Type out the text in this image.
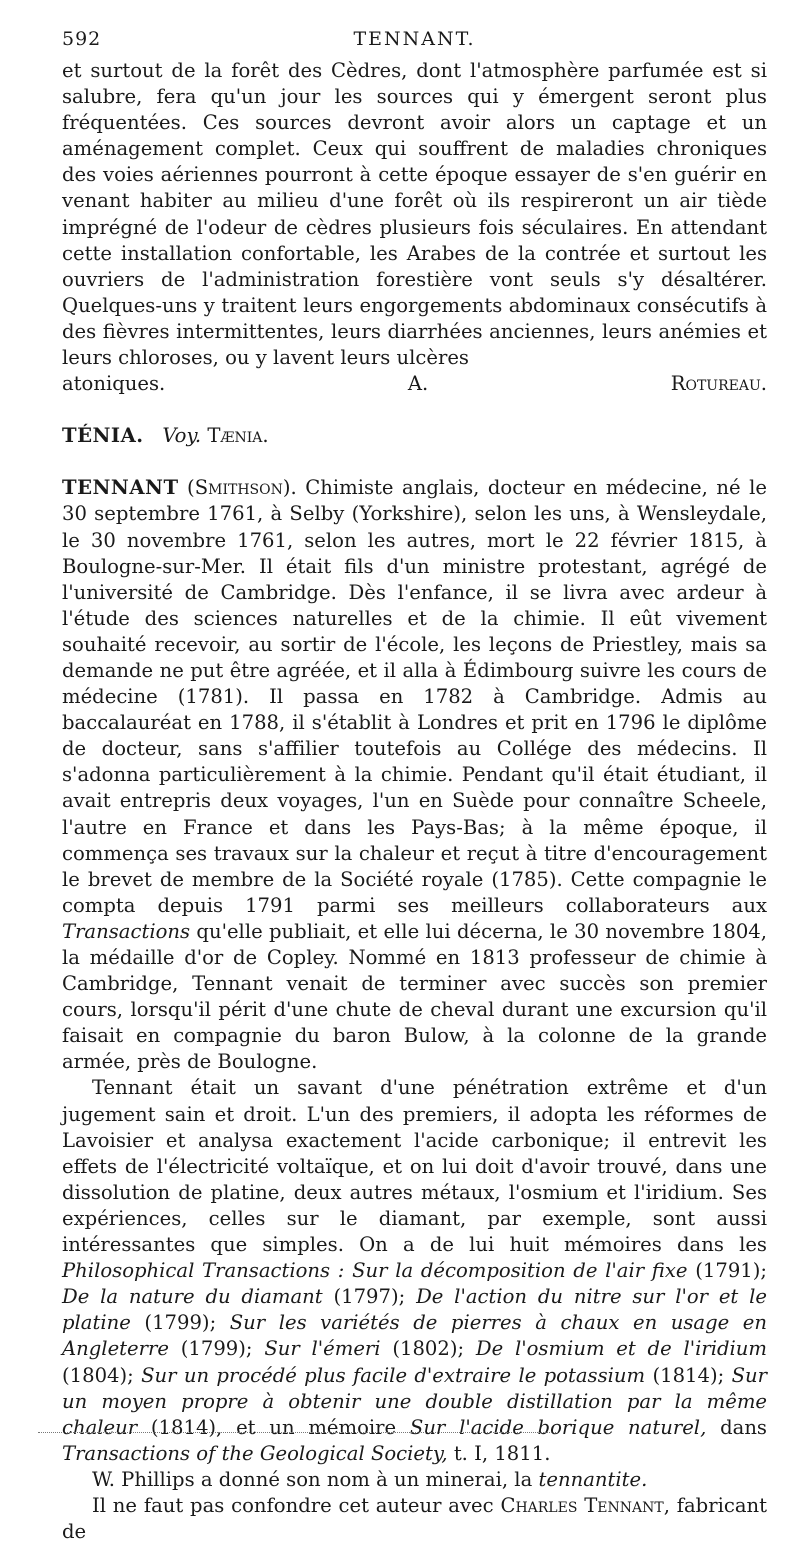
592	TENNANT.

et surtout de la forêt des Cèdres, dont l'atmosphère parfumée est si salubre, fera qu'un jour les sources qui y émergent seront plus fréquentées. Ces sources devront avoir alors un captage et un aménagement complet. Ceux qui souffrent de maladies chroniques des voies aériennes pourront à cette époque essayer de s'en guérir en venant habiter au milieu d'une forêt où ils respireront un air tiède imprégné de l'odeur de cèdres plusieurs fois séculaires. En attendant cette installation confortable, les Arabes de la contrée et surtout les ouvriers de l'administration forestière vont seuls s'y désaltérer. Quelques-uns y traitent leurs engorgements abdominaux consécutifs à des fièvres intermittentes, leurs diarrhées anciennes, leurs anémies et leurs chloroses, ou y lavent leurs ulcères

atoniques.	A. Rotureau.

TÉNIA. Voy. Tænia.

TENNANT (Smithson). Chimiste anglais, docteur en médecine, né le 30 septembre 1761, à Selby (Yorkshire), selon les uns, à Wensleydale, le 30 novembre 1761, selon les autres, mort le 22 février 1815, à Boulogne-sur-Mer. Il était fils d'un ministre protestant, agrégé de l'université de Cambridge. Dès l'enfance, il se livra avec ardeur à l'étude des sciences naturelles et de la chimie. Il eût vivement souhaité recevoir, au sortir de l'école, les leçons de Priestley, mais sa demande ne put être agréée, et il alla à Édimbourg suivre les cours de médecine (1781). Il passa en 1782 à Cambridge. Admis au baccalauréat en 1788, il s'établit à Londres et prit en 1796 le diplôme de docteur, sans s'affilier toutefois au Collége des médecins. Il s'adonna particulièrement à la chimie. Pendant qu'il était étudiant, il avait entrepris deux voyages, l'un en Suède pour connaître Scheele, l'autre en France et dans les Pays-Bas; à la même époque, il commença ses travaux sur la chaleur et reçut à titre d'encouragement le brevet de membre de la Société royale (1785). Cette compagnie le compta depuis 1791 parmi ses meilleurs collaborateurs aux Transactions qu'elle publiait, et elle lui décerna, le 30 novembre 1804, la médaille d'or de Copley. Nommé en 1813 professeur de chimie à Cambridge, Tennant venait de terminer avec succès son premier cours, lorsqu'il périt d'une chute de cheval durant une excursion qu'il faisait en compagnie du baron Bulow, à la colonne de la grande armée, près de Boulogne.

Tennant était un savant d'une pénétration extrême et d'un jugement sain et droit. L'un des premiers, il adopta les réformes de Lavoisier et analysa exactement l'acide carbonique; il entrevit les effets de l'électricité voltaïque, et on lui doit d'avoir trouvé, dans une dissolution de platine, deux autres métaux, l'osmium et l'iridium. Ses expériences, celles sur le diamant, par exemple, sont aussi intéressantes que simples. On a de lui huit mémoires dans les Philosophical Transactions : Sur la décomposition de l'air fixe (1791); De la nature du diamant (1797); De l'action du nitre sur l'or et le platine (1799); Sur les variétés de pierres à chaux en usage en Angleterre (1799); Sur l'émeri (1802); De l'osmium et de l'iridium (1804); Sur un procédé plus facile d'extraire le potassium (1814); Sur un moyen propre à obtenir une double distillation par la même chaleur (1814), et un mémoire Sur l'acide borique naturel, dans Transactions of the Geological Society, t. I, 1811.

W. Phillips a donné son nom à un minerai, la tennantite.

Il ne faut pas confondre cet auteur avec Charles Tennant, fabricant de
